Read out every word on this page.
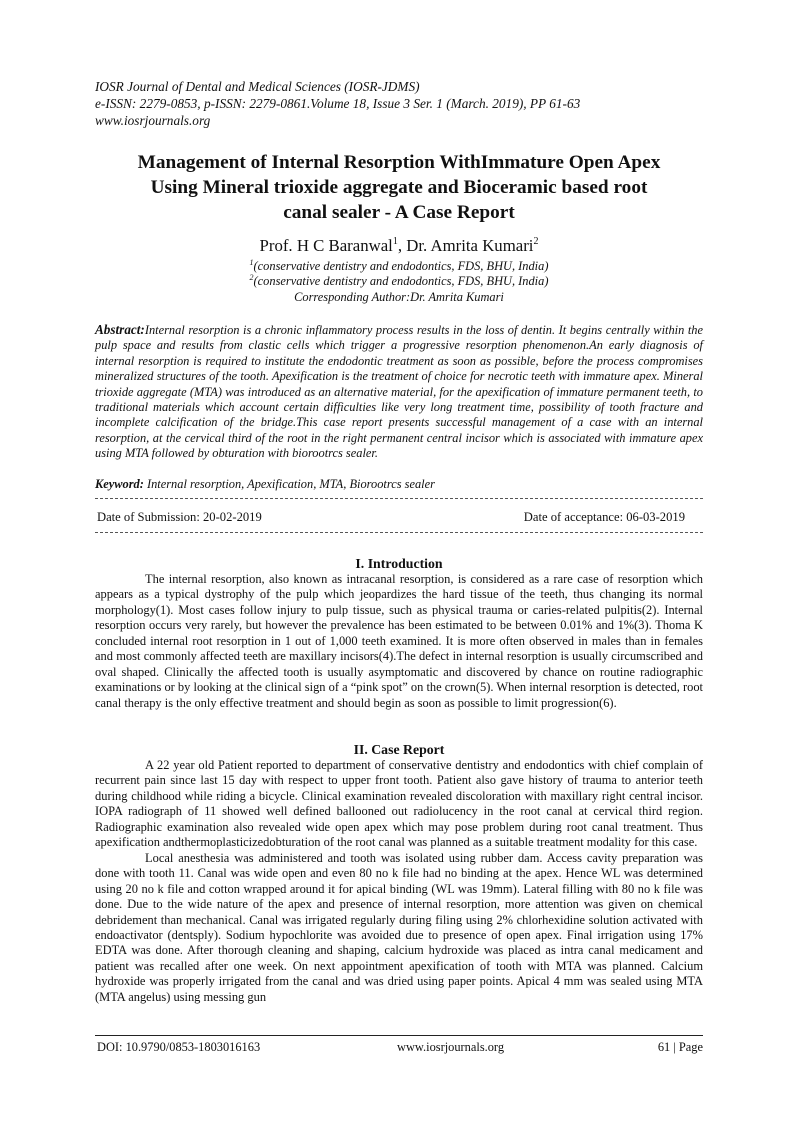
IOSR Journal of Dental and Medical Sciences (IOSR-JDMS)
e-ISSN: 2279-0853, p-ISSN: 2279-0861.Volume 18, Issue 3 Ser. 1 (March. 2019), PP 61-63
www.iosrjournals.org
Management of Internal Resorption WithImmature Open Apex
Using Mineral trioxide aggregate and Bioceramic based root
canal sealer - A Case Report
Prof. H C Baranwal$^1$, Dr. Amrita Kumari$^2$
$^1$(conservative dentistry and endodontics, FDS, BHU, India)
$^2$(conservative dentistry and endodontics, FDS, BHU, India)
Corresponding Author:Dr. Amrita Kumari
Abstract:Internal resorption is a chronic inflammatory process results in the loss of dentin. It begins centrally within the pulp space and results from clastic cells which trigger a progressive resorption phenomenon.An early diagnosis of internal resorption is required to institute the endodontic treatment as soon as possible, before the process compromises mineralized structures of the tooth. Apexification is the treatment of choice for necrotic teeth with immature apex. Mineral trioxide aggregate (MTA) was introduced as an alternative material, for the apexification of immature permanent teeth, to traditional materials which account certain difficulties like very long treatment time, possibility of tooth fracture and incomplete calcification of the bridge.This case report presents successful management of a case with an internal resorption, at the cervical third of the root in the right permanent central incisor which is associated with immature apex using MTA followed by obturation with biorootrcs sealer.
Keyword: Internal resorption, Apexification, MTA, Biorootrcs sealer
Date of Submission: 20-02-2019	Date of acceptance: 06-03-2019
I. Introduction

The internal resorption, also known as intracanal resorption, is considered as a rare case of resorption which appears as a typical dystrophy of the pulp which jeopardizes the hard tissue of the teeth, thus changing its normal morphology(1). Most cases follow injury to pulp tissue, such as physical trauma or caries-related pulpitis(2). Internal resorption occurs very rarely, but however the prevalence has been estimated to be between 0.01% and 1%(3). Thoma K concluded internal root resorption in 1 out of 1,000 teeth examined. It is more often observed in males than in females and most commonly affected teeth are maxillary incisors(4).The defect in internal resorption is usually circumscribed and oval shaped. Clinically the affected tooth is usually asymptomatic and discovered by chance on routine radiographic examinations or by looking at the clinical sign of a “pink spot” on the crown(5). When internal resorption is detected, root canal therapy is the only effective treatment and should begin as soon as possible to limit progression(6).

II. Case Report

A 22 year old Patient reported to department of conservative dentistry and endodontics with chief complain of recurrent pain since last 15 day with respect to upper front tooth. Patient also gave history of trauma to anterior teeth during childhood while riding a bicycle. Clinical examination revealed discoloration with maxillary right central incisor. IOPA radiograph of 11 showed well defined ballooned out radiolucency in the root canal at cervical third region. Radiographic examination also revealed wide open apex which may pose problem during root canal treatment. Thus apexification andthermoplasticizedobturation of the root canal was planned as a suitable treatment modality for this case.

Local anesthesia was administered and tooth was isolated using rubber dam. Access cavity preparation was done with tooth 11. Canal was wide open and even 80 no k file had no binding at the apex. Hence WL was determined using 20 no k file and cotton wrapped around it for apical binding (WL was 19mm). Lateral filling with 80 no k file was done. Due to the wide nature of the apex and presence of internal resorption, more attention was given on chemical debridement than mechanical. Canal was irrigated regularly during filing using 2% chlorhexidine solution activated with endoactivator (dentsply). Sodium hypochlorite was avoided due to presence of open apex. Final irrigation using 17% EDTA was done. After thorough cleaning and shaping, calcium hydroxide was placed as intra canal medicament and patient was recalled after one week. On next appointment apexification of tooth with MTA was planned. Calcium hydroxide was properly irrigated from the canal and was dried using paper points. Apical 4 mm was sealed using MTA (MTA angelus) using messing gun

DOI: 10.9790/0853-1803016163	www.iosrjournals.org	61 | Page
